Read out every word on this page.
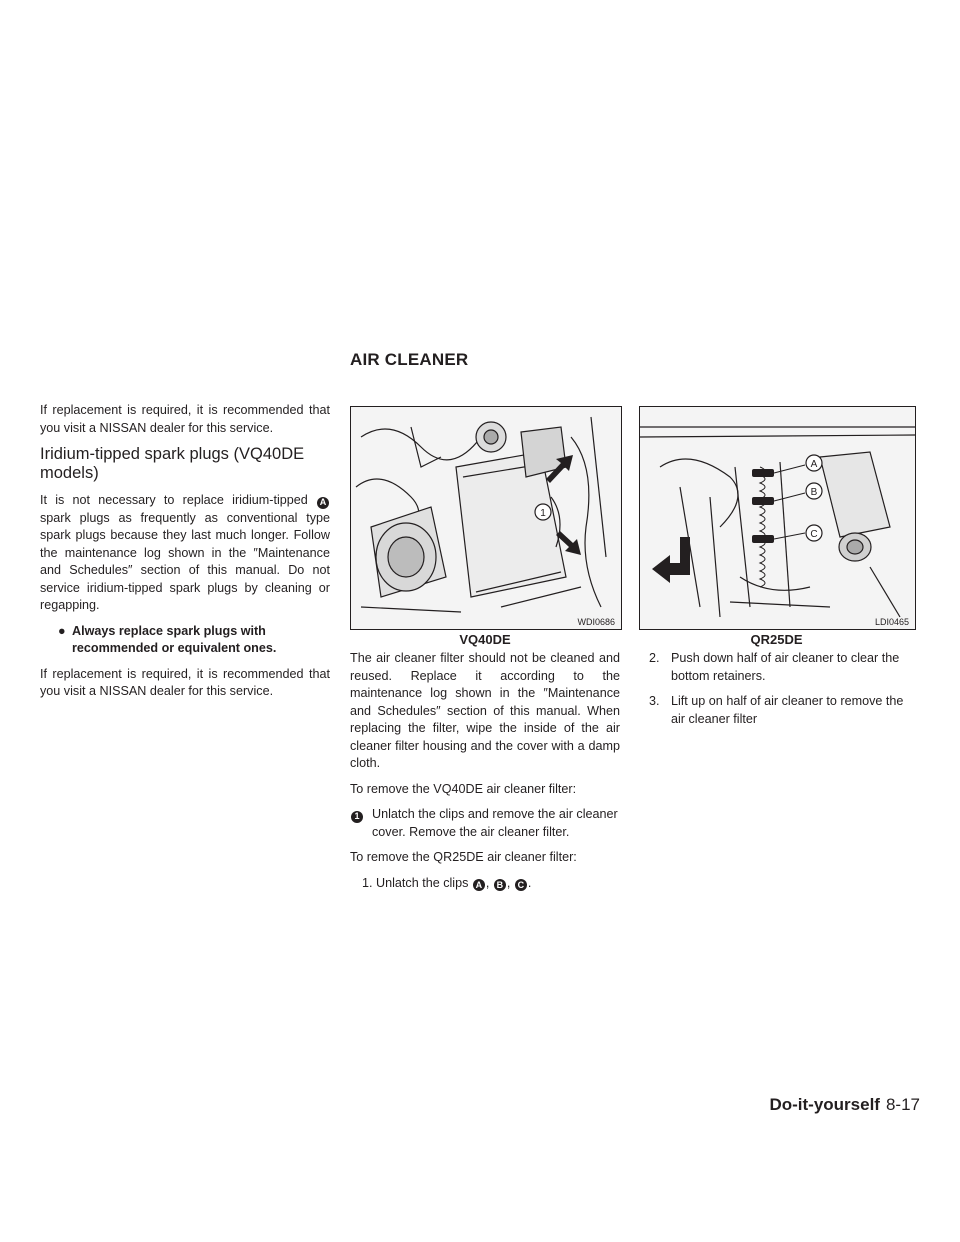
AIR CLEANER

If replacement is required, it is recommended that you visit a NISSAN dealer for this service.

Iridium-tipped spark plugs (VQ40DE models)

It is not necessary to replace iridium-tipped A spark plugs as frequently as conventional type spark plugs because they last much longer. Follow the maintenance log shown in the ″Maintenance and Schedules″ section of this manual. Do not service iridium-tipped spark plugs by cleaning or regapping.

● Always replace spark plugs with recommended or equivalent ones.

If replacement is required, it is recommended that you visit a NISSAN dealer for this service.

1
WDI0686
VQ40DE
A
B
C
LDI0465
QR25DE

The air cleaner filter should not be cleaned and reused. Replace it according to the maintenance log shown in the ″Maintenance and Schedules″ section of this manual. When replacing the filter, wipe the inside of the air cleaner filter housing and the cover with a damp cloth.

To remove the VQ40DE air cleaner filter:

1 Unlatch the clips and remove the air cleaner cover. Remove the air cleaner filter.

To remove the QR25DE air cleaner filter:

1. Unlatch the clips A , B , C .
2. Push down half of air cleaner to clear the bottom retainers.
3. Lift up on half of air cleaner to remove the air cleaner filter
Do-it-yourself 8-17
